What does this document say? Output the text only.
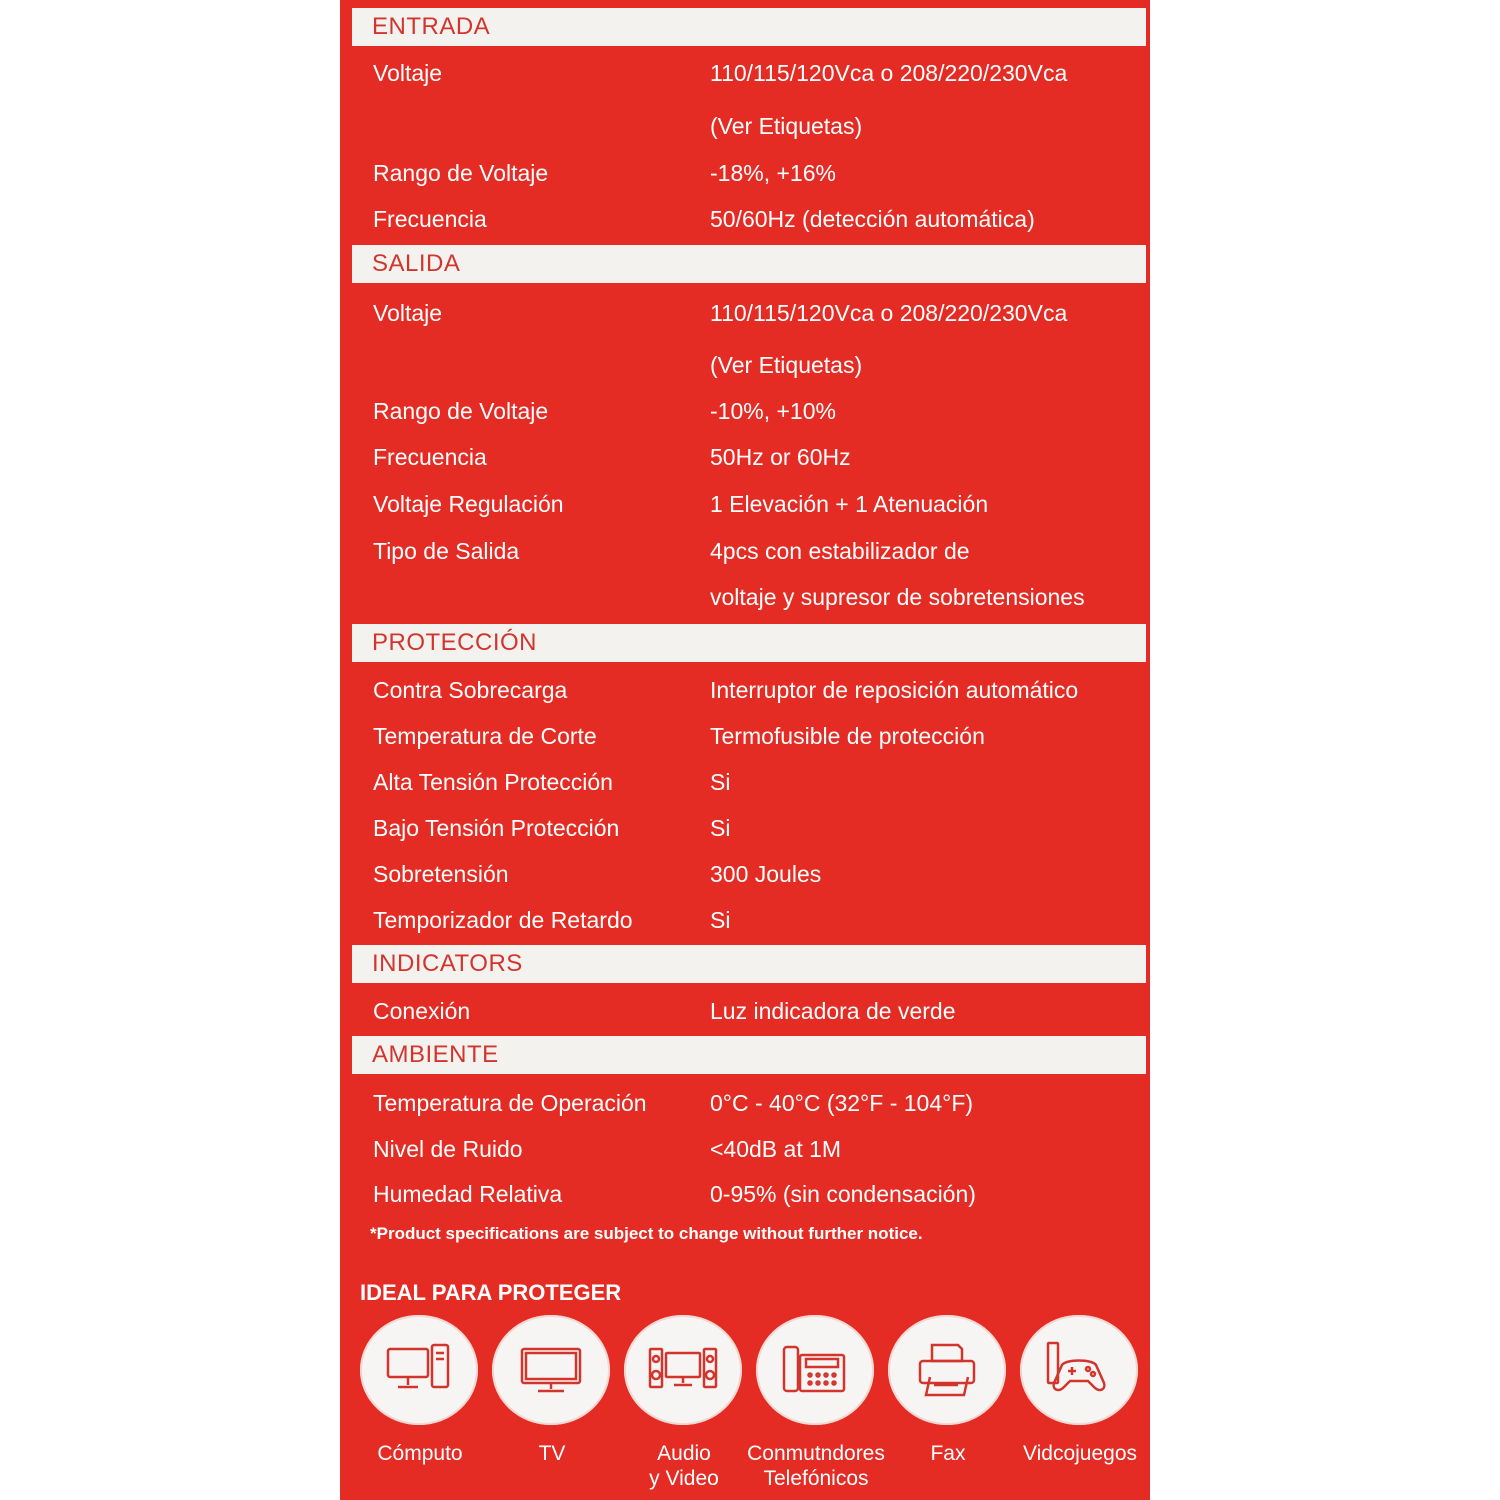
ENTRADA
Voltaje	110/115/120Vca o 208/220/230Vca
(Ver Etiquetas)
Rango de Voltaje	-18%, +16%
Frecuencia	50/60Hz (detección automática)
SALIDA
Voltaje	110/115/120Vca o 208/220/230Vca
(Ver Etiquetas)
Rango de Voltaje	-10%, +10%
Frecuencia	50Hz or 60Hz
Voltaje Regulación	1 Elevación + 1 Atenuación
Tipo de Salida	4pcs con estabilizador de
voltaje y supresor de sobretensiones
PROTECCIÓN
Contra Sobrecarga	Interruptor de reposición automático
Temperatura de Corte	Termofusible de protección
Alta Tensión Protección	Si
Bajo Tensión Protección	Si
Sobretensión	300 Joules
Temporizador de Retardo	Si
INDICATORS
Conexión	Luz indicadora de verde
AMBIENTE
Temperatura de Operación	0°C - 40°C (32°F - 104°F)
Nivel de Ruido	<40dB at 1M
Humedad Relativa	0-95% (sin condensación)
*Product specifications are subject to change without further notice.
IDEAL PARA PROTEGER
Cómputo	TV	Audio
y Video
Conmutndores
Telefónicos
Fax	Vidcojuegos
